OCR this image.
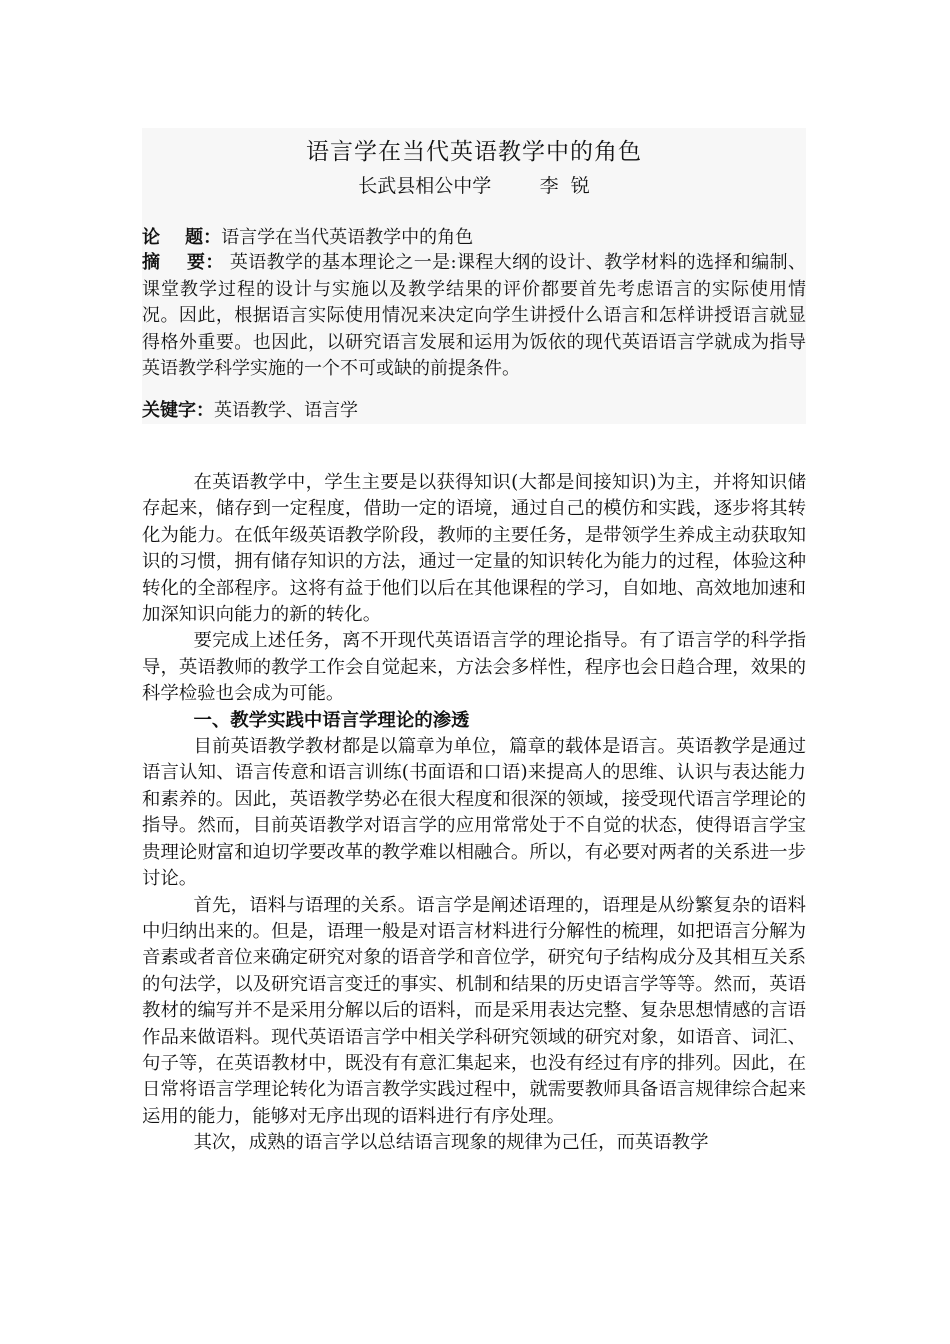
语言学在当代英语教学中的角色
长武县相公中学        李  锐
论    题：语言学在当代英语教学中的角色
摘    要： 英语教学的基本理论之一是:课程大纲的设计、教学材料的选择和编制、课堂教学过程的设计与实施以及教学结果的评价都要首先考虑语言的实际使用情况。因此，根据语言实际使用情况来决定向学生讲授什么语言和怎样讲授语言就显得格外重要。也因此，以研究语言发展和运用为饭依的现代英语语言学就成为指导英语教学科学实施的一个不可或缺的前提条件。
关键字：英语教学、语言学

在英语教学中，学生主要是以获得知识(大都是间接知识)为主，并将知识储存起来，储存到一定程度，借助一定的语境，通过自己的模仿和实践，逐步将其转化为能力。在低年级英语教学阶段，教师的主要任务，是带领学生养成主动获取知识的习惯，拥有储存知识的方法，通过一定量的知识转化为能力的过程，体验这种转化的全部程序。这将有益于他们以后在其他课程的学习，自如地、高效地加速和加深知识向能力的新的转化。

要完成上述任务，离不开现代英语语言学的理论指导。有了语言学的科学指导，英语教师的教学工作会自觉起来，方法会多样性，程序也会日趋合理，效果的科学检验也会成为可能。

一、教学实践中语言学理论的渗透

目前英语教学教材都是以篇章为单位，篇章的载体是语言。英语教学是通过语言认知、语言传意和语言训练(书面语和口语)来提高人的思维、认识与表达能力和素养的。因此，英语教学势必在很大程度和很深的领域，接受现代语言学理论的指导。然而，目前英语教学对语言学的应用常常处于不自觉的状态，使得语言学宝贵理论财富和迫切学要改革的教学难以相融合。所以，有必要对两者的关系进一步讨论。

首先，语料与语理的关系。语言学是阐述语理的，语理是从纷繁复杂的语料中归纳出来的。但是，语理一般是对语言材料进行分解性的梳理，如把语言分解为音素或者音位来确定研究对象的语音学和音位学，研究句子结构成分及其相互关系的句法学，以及研究语言变迁的事实、机制和结果的历史语言学等等。然而，英语教材的编写并不是采用分解以后的语料，而是采用表达完整、复杂思想情感的言语作品来做语料。现代英语语言学中相关学科研究领域的研究对象，如语音、词汇、句子等，在英语教材中，既没有有意汇集起来，也没有经过有序的排列。因此，在日常将语言学理论转化为语言教学实践过程中，就需要教师具备语言规律综合起来运用的能力，能够对无序出现的语料进行有序处理。

其次，成熟的语言学以总结语言现象的规律为己任，而英语教学
